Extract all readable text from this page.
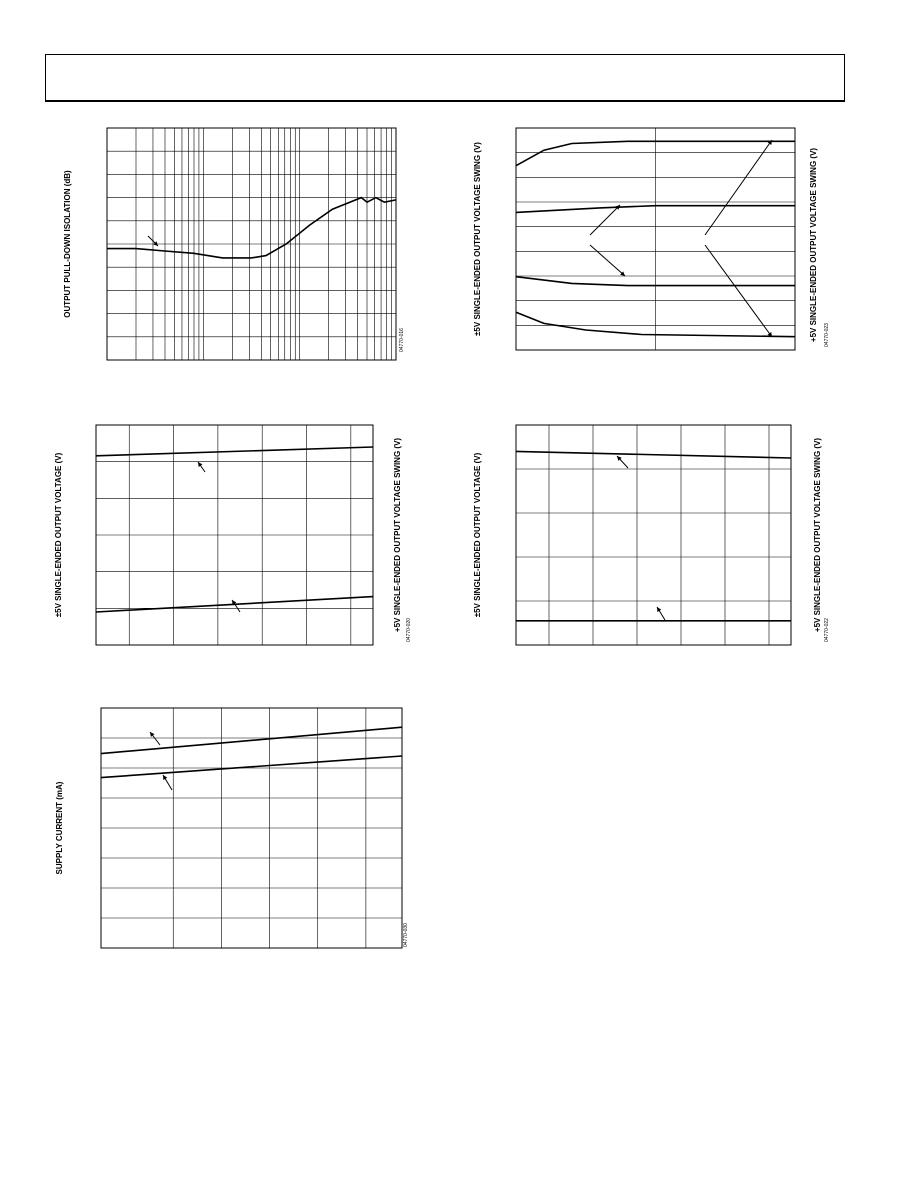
OUTPUT PULL-DOWN ISOLATION (dB)
04770-016
±5V SINGLE-ENDED OUTPUT VOLTAGE SWING (V)	+5V SINGLE-ENDED OUTPUT VOLTAGE SWING (V) 04770-023
±5V SINGLE-ENDED OUTPUT VOLTAGE (V)	+5V SINGLE-ENDED OUTPUT VOLTAGE SWING (V) 04770-020
±5V SINGLE-ENDED OUTPUT VOLTAGE (V)	+5V SINGLE-ENDED OUTPUT VOLTAGE SWING (V) 04770-022
SUPPLY CURRENT (mA)
04770-030
